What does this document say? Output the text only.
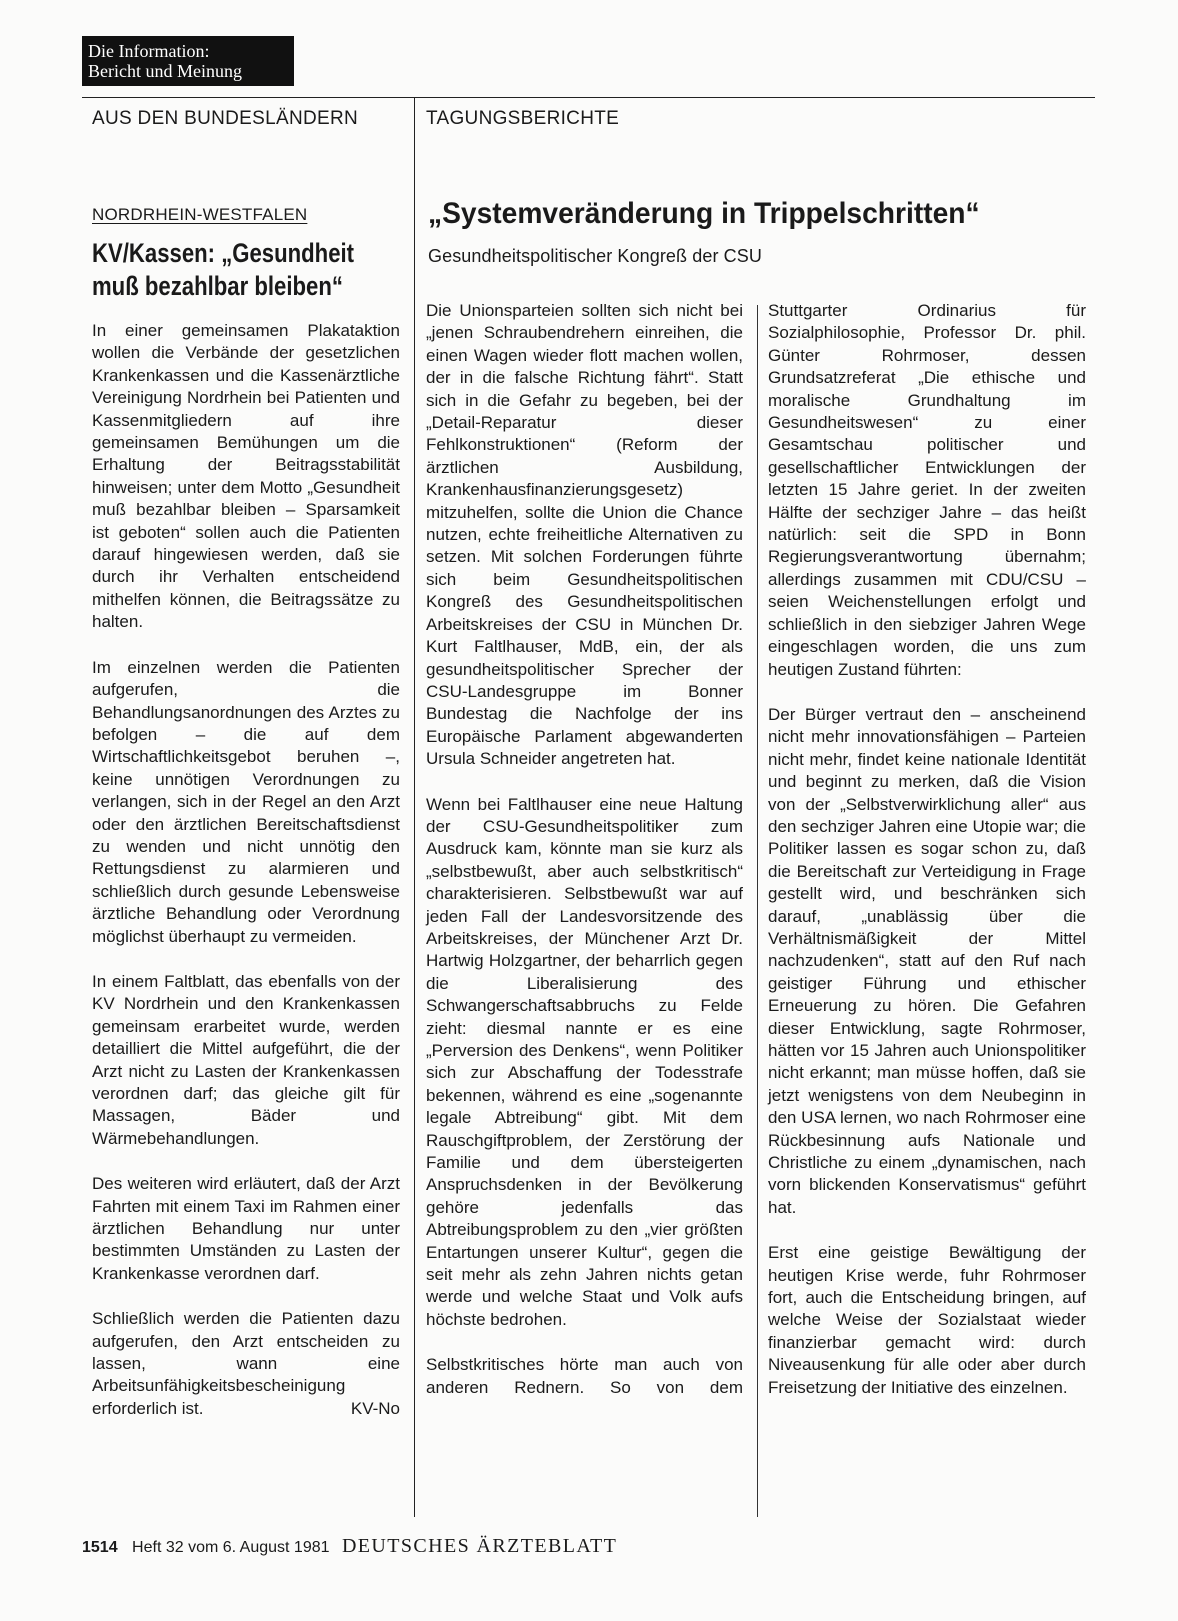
Die Information:
Bericht und Meinung
AUS DEN BUNDESLÄNDERN	TAGUNGSBERICHTE
NORDRHEIN-WESTFALEN
KV/Kassen: „Gesundheit
muß bezahlbar bleiben“
„Systemveränderung in Trippelschritten“
Gesundheitspolitischer Kongreß der CSU

In einer gemeinsamen Plakataktion wollen die Verbände der gesetzlichen Krankenkassen und die Kassenärztliche Vereinigung Nordrhein bei Patienten und Kassenmitgliedern auf ihre gemeinsamen Bemühungen um die Erhaltung der Beitragsstabilität hinweisen; unter dem Motto „Gesundheit muß bezahlbar bleiben – Sparsamkeit ist geboten“ sollen auch die Patienten darauf hingewiesen werden, daß sie durch ihr Verhalten entscheidend mithelfen können, die Beitragssätze zu halten.

Im einzelnen werden die Patienten aufgerufen, die Behandlungsanordnungen des Arztes zu befolgen – die auf dem Wirtschaftlichkeitsgebot beruhen –, keine unnötigen Verordnungen zu verlangen, sich in der Regel an den Arzt oder den ärztlichen Bereitschaftsdienst zu wenden und nicht unnötig den Rettungsdienst zu alarmieren und schließlich durch gesunde Lebensweise ärztliche Behandlung oder Verordnung möglichst überhaupt zu vermeiden.

In einem Faltblatt, das ebenfalls von der KV Nordrhein und den Krankenkassen gemeinsam erarbeitet wurde, werden detailliert die Mittel aufgeführt, die der Arzt nicht zu Lasten der Krankenkassen verordnen darf; das gleiche gilt für Massagen, Bäder und Wärmebehandlungen.

Des weiteren wird erläutert, daß der Arzt Fahrten mit einem Taxi im Rahmen einer ärztlichen Behandlung nur unter bestimmten Umständen zu Lasten der Krankenkasse verordnen darf.

Schließlich werden die Patienten dazu aufgerufen, den Arzt entscheiden zu lassen, wann eine Arbeitsunfähigkeitsbescheinigung

erforderlich ist.	KV-No

Die Unionsparteien sollten sich nicht bei „jenen Schraubendrehern einreihen, die einen Wagen wieder flott machen wollen, der in die falsche Richtung fährt“. Statt sich in die Gefahr zu begeben, bei der „Detail-Reparatur dieser Fehlkonstruktionen“ (Reform der ärztlichen Ausbildung, Krankenhausfinanzierungsgesetz) mitzuhelfen, sollte die Union die Chance nutzen, echte freiheitliche Alternativen zu setzen. Mit solchen Forderungen führte sich beim Gesundheitspolitischen Kongreß des Gesundheitspolitischen Arbeitskreises der CSU in München Dr. Kurt Faltlhauser, MdB, ein, der als gesundheitspolitischer Sprecher der CSU-Landesgruppe im Bonner Bundestag die Nachfolge der ins Europäische Parlament abgewanderten Ursula Schneider angetreten hat.

Wenn bei Faltlhauser eine neue Haltung der CSU-Gesundheitspolitiker zum Ausdruck kam, könnte man sie kurz als „selbstbewußt, aber auch selbstkritisch“ charakterisieren. Selbstbewußt war auf jeden Fall der Landesvorsitzende des Arbeitskreises, der Münchener Arzt Dr. Hartwig Holzgartner, der beharrlich gegen die Liberalisierung des Schwangerschaftsabbruchs zu Felde zieht: diesmal nannte er es eine „Perversion des Denkens“, wenn Politiker sich zur Abschaffung der Todesstrafe bekennen, während es eine „sogenannte legale Abtreibung“ gibt. Mit dem Rauschgiftproblem, der Zerstörung der Familie und dem übersteigerten Anspruchsdenken in der Bevölkerung gehöre jedenfalls das Abtreibungsproblem zu den „vier größten Entartungen unserer Kultur“, gegen die seit mehr als zehn Jahren nichts getan werde und welche Staat und Volk aufs höchste bedrohen.

Selbstkritisches hörte man auch von anderen Rednern. So von dem

Stuttgarter Ordinarius für Sozialphilosophie, Professor Dr. phil. Günter Rohrmoser, dessen Grundsatzreferat „Die ethische und moralische Grundhaltung im Gesundheitswesen“ zu einer Gesamtschau politischer und gesellschaftlicher Entwicklungen der letzten 15 Jahre geriet. In der zweiten Hälfte der sechziger Jahre – das heißt natürlich: seit die SPD in Bonn Regierungsverantwortung übernahm; allerdings zusammen mit CDU/CSU – seien Weichenstellungen erfolgt und schließlich in den siebziger Jahren Wege eingeschlagen worden, die uns zum heutigen Zustand führten:

Der Bürger vertraut den – anscheinend nicht mehr innovationsfähigen – Parteien nicht mehr, findet keine nationale Identität und beginnt zu merken, daß die Vision von der „Selbstverwirklichung aller“ aus den sechziger Jahren eine Utopie war; die Politiker lassen es sogar schon zu, daß die Bereitschaft zur Verteidigung in Frage gestellt wird, und beschränken sich darauf, „unablässig über die Verhältnismäßigkeit der Mittel nachzudenken“, statt auf den Ruf nach geistiger Führung und ethischer Erneuerung zu hören. Die Gefahren dieser Entwicklung, sagte Rohrmoser, hätten vor 15 Jahren auch Unionspolitiker nicht erkannt; man müsse hoffen, daß sie jetzt wenigstens von dem Neubeginn in den USA lernen, wo nach Rohrmoser eine Rückbesinnung aufs Nationale und Christliche zu einem „dynamischen, nach vorn blickenden Konservatismus“ geführt hat.

Erst eine geistige Bewältigung der heutigen Krise werde, fuhr Rohrmoser fort, auch die Entscheidung bringen, auf welche Weise der Sozialstaat wieder finanzierbar gemacht wird: durch Niveausenkung für alle oder aber durch Freisetzung der Initiative des einzelnen.

1514 Heft 32 vom 6. August 1981 DEUTSCHES ÄRZTEBLATT
